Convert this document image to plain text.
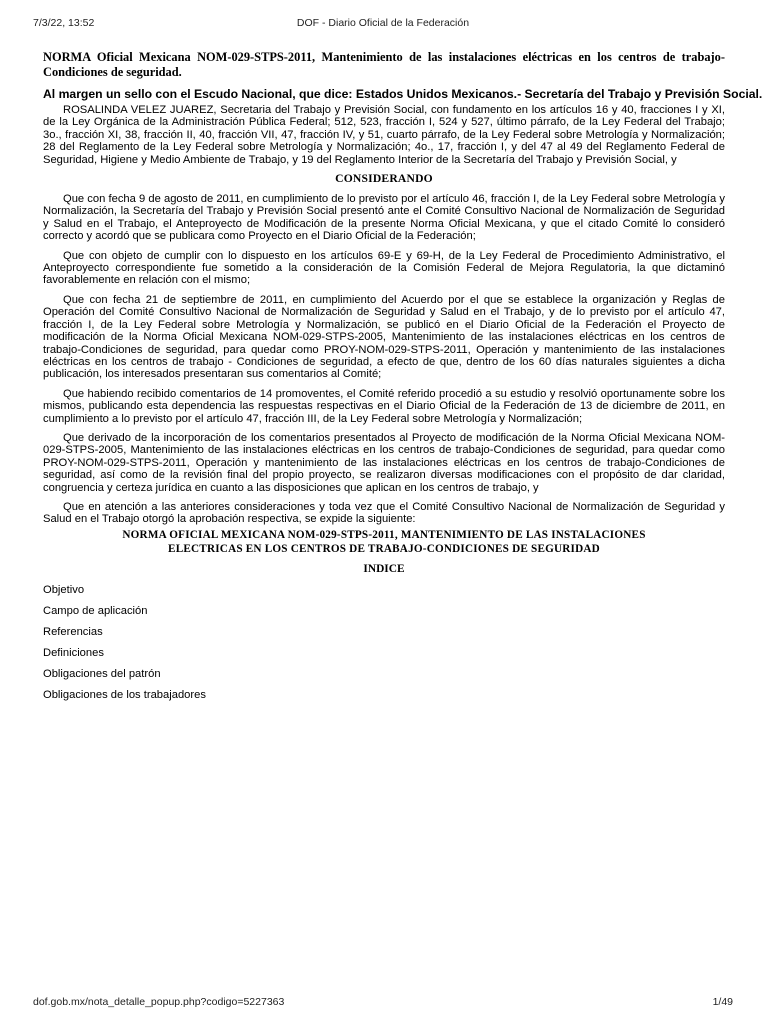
7/3/22, 13:52	DOF - Diario Oficial de la Federación
NORMA Oficial Mexicana NOM-029-STPS-2011, Mantenimiento de las instalaciones eléctricas en los centros de trabajo-Condiciones de seguridad.
Al margen un sello con el Escudo Nacional, que dice: Estados Unidos Mexicanos.- Secretaría del Trabajo y Previsión Social.

ROSALINDA VELEZ JUAREZ, Secretaria del Trabajo y Previsión Social, con fundamento en los artículos 16 y 40, fracciones I y XI, de la Ley Orgánica de la Administración Pública Federal; 512, 523, fracción I, 524 y 527, último párrafo, de la Ley Federal del Trabajo; 3o., fracción XI, 38, fracción II, 40, fracción VII, 47, fracción IV, y 51, cuarto párrafo, de la Ley Federal sobre Metrología y Normalización; 28 del Reglamento de la Ley Federal sobre Metrología y Normalización; 4o., 17, fracción I, y del 47 al 49 del Reglamento Federal de Seguridad, Higiene y Medio Ambiente de Trabajo, y 19 del Reglamento Interior de la Secretaría del Trabajo y Previsión Social, y

CONSIDERANDO

Que con fecha 9 de agosto de 2011, en cumplimiento de lo previsto por el artículo 46, fracción I, de la Ley Federal sobre Metrología y Normalización, la Secretaría del Trabajo y Previsión Social presentó ante el Comité Consultivo Nacional de Normalización de Seguridad y Salud en el Trabajo, el Anteproyecto de Modificación de la presente Norma Oficial Mexicana, y que el citado Comité lo consideró correcto y acordó que se publicara como Proyecto en el Diario Oficial de la Federación;

Que con objeto de cumplir con lo dispuesto en los artículos 69-E y 69-H, de la Ley Federal de Procedimiento Administrativo, el Anteproyecto correspondiente fue sometido a la consideración de la Comisión Federal de Mejora Regulatoria, la que dictaminó favorablemente en relación con el mismo;

Que con fecha 21 de septiembre de 2011, en cumplimiento del Acuerdo por el que se establece la organización y Reglas de Operación del Comité Consultivo Nacional de Normalización de Seguridad y Salud en el Trabajo, y de lo previsto por el artículo 47, fracción I, de la Ley Federal sobre Metrología y Normalización, se publicó en el Diario Oficial de la Federación el Proyecto de modificación de la Norma Oficial Mexicana NOM-029-STPS-2005, Mantenimiento de las instalaciones eléctricas en los centros de trabajo-Condiciones de seguridad, para quedar como PROY-NOM-029-STPS-2011, Operación y mantenimiento de las instalaciones eléctricas en los centros de trabajo - Condiciones de seguridad, a efecto de que, dentro de los 60 días naturales siguientes a dicha publicación, los interesados presentaran sus comentarios al Comité;

Que habiendo recibido comentarios de 14 promoventes, el Comité referido procedió a su estudio y resolvió oportunamente sobre los mismos, publicando esta dependencia las respuestas respectivas en el Diario Oficial de la Federación de 13 de diciembre de 2011, en cumplimiento a lo previsto por el artículo 47, fracción III, de la Ley Federal sobre Metrología y Normalización;

Que derivado de la incorporación de los comentarios presentados al Proyecto de modificación de la Norma Oficial Mexicana NOM-029-STPS-2005, Mantenimiento de las instalaciones eléctricas en los centros de trabajo-Condiciones de seguridad, para quedar como PROY-NOM-029-STPS-2011, Operación y mantenimiento de las instalaciones eléctricas en los centros de trabajo-Condiciones de seguridad, así como de la revisión final del propio proyecto, se realizaron diversas modificaciones con el propósito de dar claridad, congruencia y certeza jurídica en cuanto a las disposiciones que aplican en los centros de trabajo, y

Que en atención a las anteriores consideraciones y toda vez que el Comité Consultivo Nacional de Normalización de Seguridad y Salud en el Trabajo otorgó la aprobación respectiva, se expide la siguiente:

NORMA OFICIAL MEXICANA NOM-029-STPS-2011, MANTENIMIENTO DE LAS INSTALACIONES
ELECTRICAS EN LOS CENTROS DE TRABAJO-CONDICIONES DE SEGURIDAD
INDICE
Objetivo
Campo de aplicación
Referencias
Definiciones
Obligaciones del patrón
Obligaciones de los trabajadores
dof.gob.mx/nota_detalle_popup.php?codigo=5227363	1/49
